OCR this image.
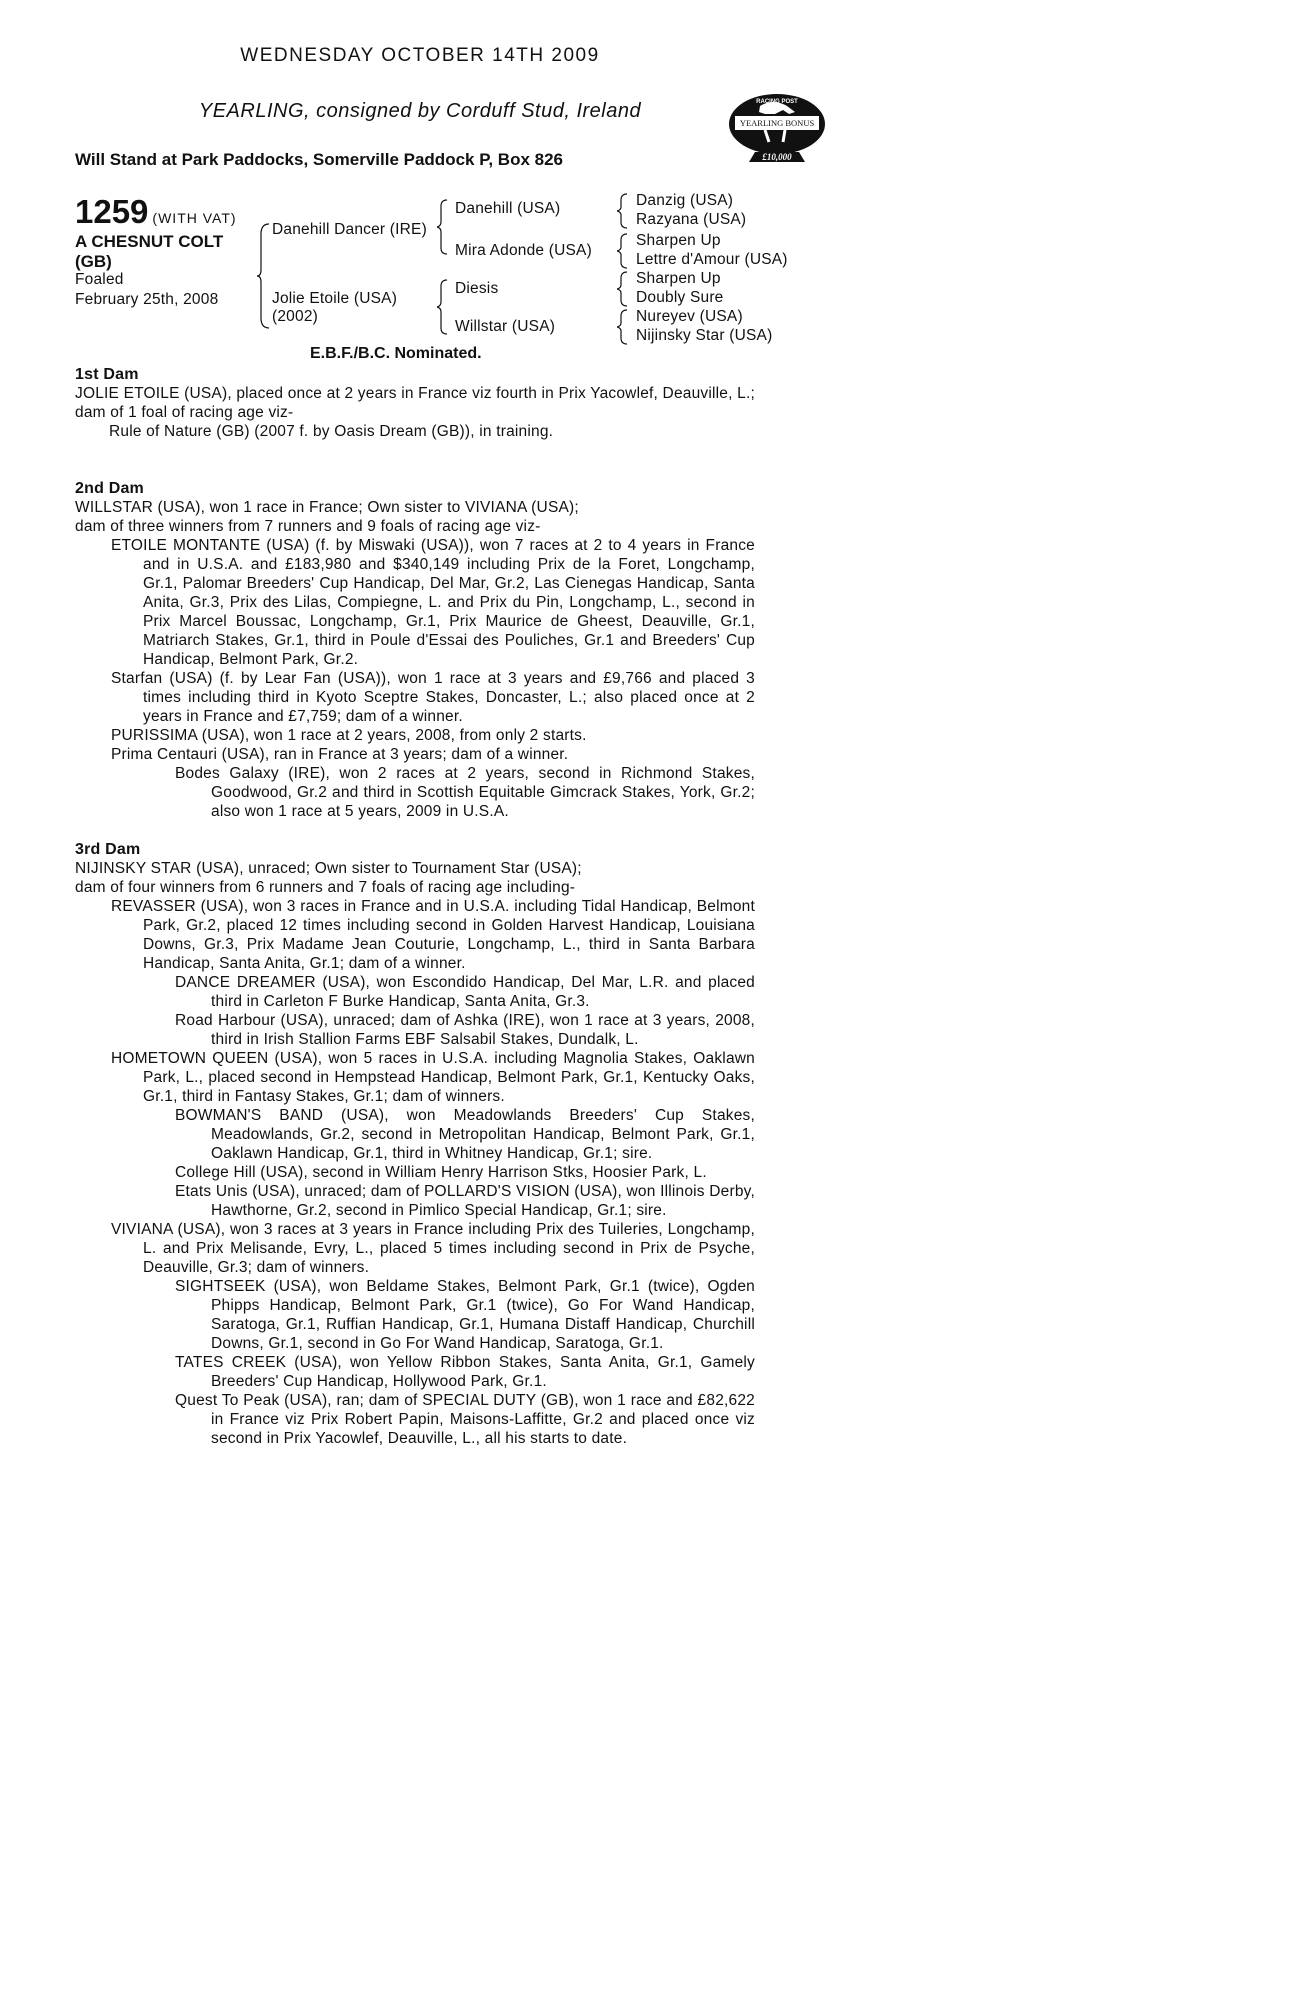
WEDNESDAY OCTOBER 14TH 2009
YEARLING, consigned by Corduff Stud, Ireland
Will Stand at Park Paddocks, Somerville Paddock P, Box 826
RACING POST
YEARLING BONUS
£10,000
1259 (WITH VAT)
A CHESNUT COLT
(GB)
Foaled
February 25th, 2008
Danehill Dancer (IRE)
Jolie Etoile (USA)
(2002)
Danehill (USA)
Mira Adonde (USA)
Diesis
Willstar (USA)
Danzig (USA)
Razyana (USA)
Sharpen Up
Lettre d'Amour (USA)
Sharpen Up
Doubly Sure
Nureyev (USA)
Nijinsky Star (USA)
E.B.F./B.C. Nominated.
1st Dam

JOLIE ETOILE (USA), placed once at 2 years in France viz fourth in Prix Yacowlef, Deauville, L.;

dam of 1 foal of racing age viz-

Rule of Nature (GB) (2007 f. by Oasis Dream (GB)), in training.

2nd Dam

WILLSTAR (USA), won 1 race in France; Own sister to VIVIANA (USA);

dam of three winners from 7 runners and 9 foals of racing age viz-

ETOILE MONTANTE (USA) (f. by Miswaki (USA)), won 7 races at 2 to 4 years in France and in U.S.A. and £183,980 and $340,149 including Prix de la Foret, Longchamp, Gr.1, Palomar Breeders' Cup Handicap, Del Mar, Gr.2, Las Cienegas Handicap, Santa Anita, Gr.3, Prix des Lilas, Compiegne, L. and Prix du Pin, Longchamp, L., second in Prix Marcel Boussac, Longchamp, Gr.1, Prix Maurice de Gheest, Deauville, Gr.1, Matriarch Stakes, Gr.1, third in Poule d'Essai des Pouliches, Gr.1 and Breeders' Cup Handicap, Belmont Park, Gr.2.

Starfan (USA) (f. by Lear Fan (USA)), won 1 race at 3 years and £9,766 and placed 3 times including third in Kyoto Sceptre Stakes, Doncaster, L.; also placed once at 2 years in France and £7,759; dam of a winner.

PURISSIMA (USA), won 1 race at 2 years, 2008, from only 2 starts.

Prima Centauri (USA), ran in France at 3 years; dam of a winner.

Bodes Galaxy (IRE), won 2 races at 2 years, second in Richmond Stakes, Goodwood, Gr.2 and third in Scottish Equitable Gimcrack Stakes, York, Gr.2; also won 1 race at 5 years, 2009 in U.S.A.

3rd Dam

NIJINSKY STAR (USA), unraced; Own sister to Tournament Star (USA);

dam of four winners from 6 runners and 7 foals of racing age including-

REVASSER (USA), won 3 races in France and in U.S.A. including Tidal Handicap, Belmont Park, Gr.2, placed 12 times including second in Golden Harvest Handicap, Louisiana Downs, Gr.3, Prix Madame Jean Couturie, Longchamp, L., third in Santa Barbara Handicap, Santa Anita, Gr.1; dam of a winner.

DANCE DREAMER (USA), won Escondido Handicap, Del Mar, L.R. and placed third in Carleton F Burke Handicap, Santa Anita, Gr.3.

Road Harbour (USA), unraced; dam of Ashka (IRE), won 1 race at 3 years, 2008, third in Irish Stallion Farms EBF Salsabil Stakes, Dundalk, L.

HOMETOWN QUEEN (USA), won 5 races in U.S.A. including Magnolia Stakes, Oaklawn Park, L., placed second in Hempstead Handicap, Belmont Park, Gr.1, Kentucky Oaks, Gr.1, third in Fantasy Stakes, Gr.1; dam of winners.

BOWMAN'S BAND (USA), won Meadowlands Breeders' Cup Stakes, Meadowlands, Gr.2, second in Metropolitan Handicap, Belmont Park, Gr.1, Oaklawn Handicap, Gr.1, third in Whitney Handicap, Gr.1; sire.

College Hill (USA), second in William Henry Harrison Stks, Hoosier Park, L.

Etats Unis (USA), unraced; dam of POLLARD'S VISION (USA), won Illinois Derby, Hawthorne, Gr.2, second in Pimlico Special Handicap, Gr.1; sire.

VIVIANA (USA), won 3 races at 3 years in France including Prix des Tuileries, Longchamp, L. and Prix Melisande, Evry, L., placed 5 times including second in Prix de Psyche, Deauville, Gr.3; dam of winners.

SIGHTSEEK (USA), won Beldame Stakes, Belmont Park, Gr.1 (twice), Ogden Phipps Handicap, Belmont Park, Gr.1 (twice), Go For Wand Handicap, Saratoga, Gr.1, Ruffian Handicap, Gr.1, Humana Distaff Handicap, Churchill Downs, Gr.1, second in Go For Wand Handicap, Saratoga, Gr.1.

TATES CREEK (USA), won Yellow Ribbon Stakes, Santa Anita, Gr.1, Gamely Breeders' Cup Handicap, Hollywood Park, Gr.1.

Quest To Peak (USA), ran; dam of SPECIAL DUTY (GB), won 1 race and £82,622 in France viz Prix Robert Papin, Maisons-Laffitte, Gr.2 and placed once viz second in Prix Yacowlef, Deauville, L., all his starts to date.
